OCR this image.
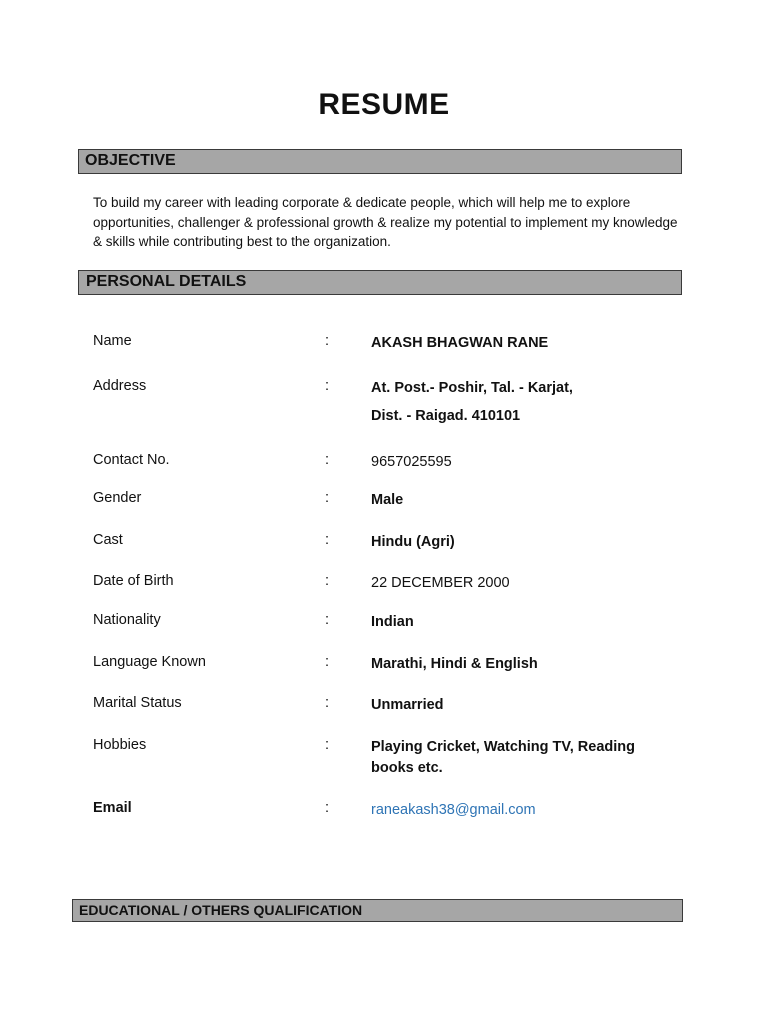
RESUME
OBJECTIVE
To build my career with leading corporate & dedicate people, which will help me to explore opportunities, challenger & professional growth & realize my potential to implement my knowledge & skills while contributing best to the organization.
PERSONAL DETAILS
Name	:	AKASH BHAGWAN RANE
Address	:	At. Post.- Poshir, Tal. - Karjat,
Dist. - Raigad. 410101
Contact No.	:	9657025595
Gender	:	Male
Cast	:	Hindu (Agri)
Date of Birth	:	22 DECEMBER 2000
Nationality	:	Indian
Language Known	:	Marathi, Hindi & English
Marital Status	:	Unmarried
Hobbies	:	Playing Cricket, Watching TV, Reading books etc.
Email	:	raneakash38@gmail.com
EDUCATIONAL / OTHERS QUALIFICATION
